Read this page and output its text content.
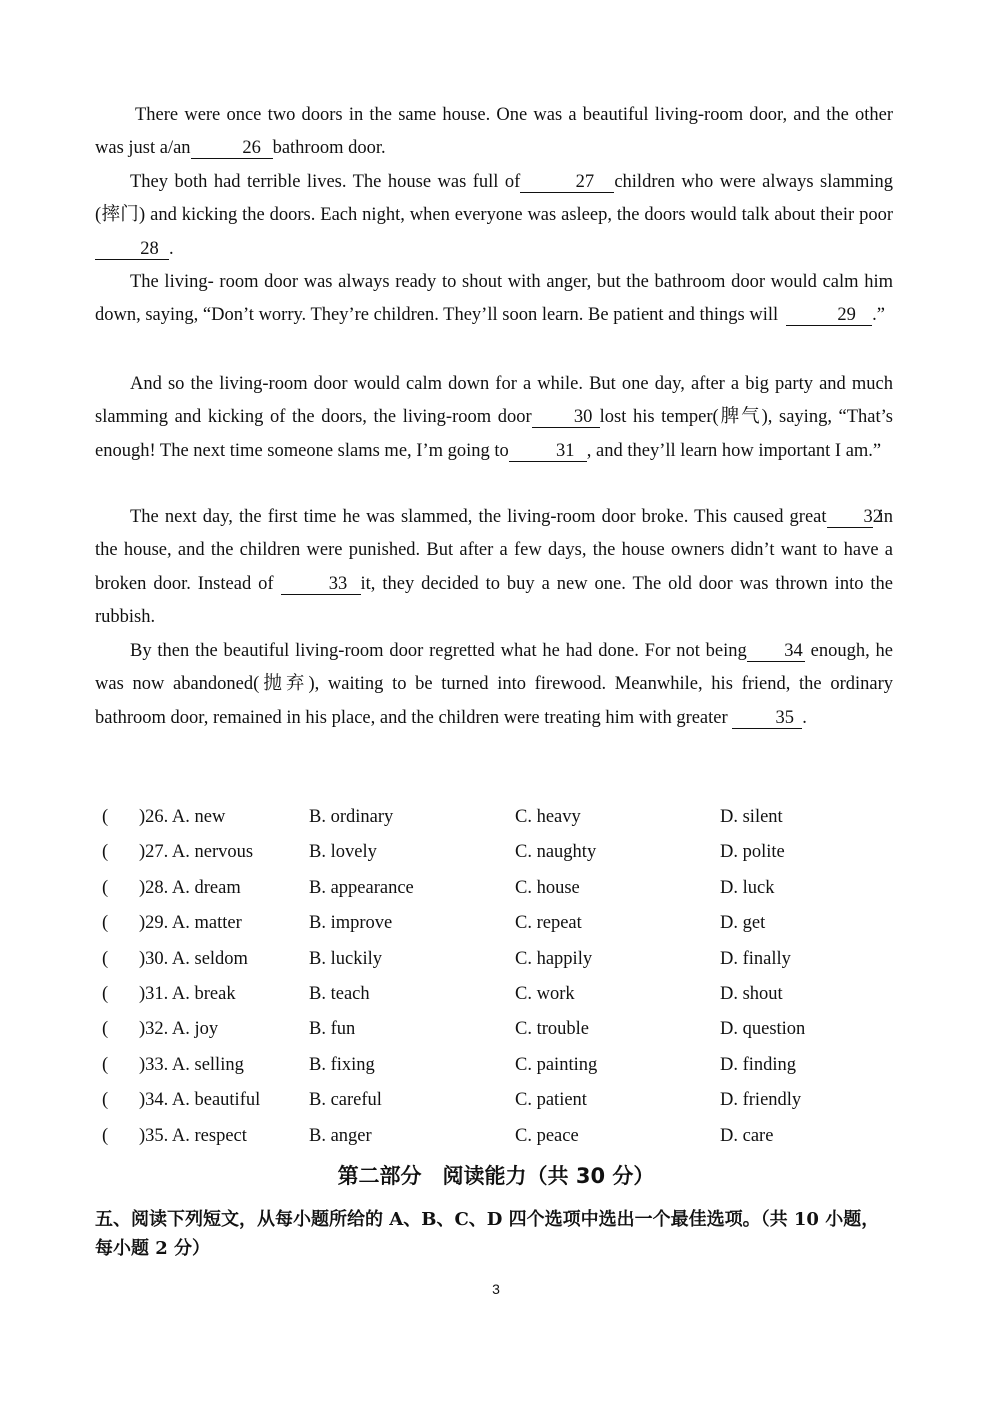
There were once two doors in the same house. One was a beautiful living-room door, and the other was just a/an	26 bathroom door.

They both had terrible lives. The house was full of	27 children who were always slamming (摔门) and kicking the doors. Each night, when everyone was asleep, the doors would talk about their poor28 .

The living- room door was always ready to shout with anger, but the bathroom door would calm him down, saying, “Don’t worry. They’re children. They’ll soon learn. Be patient and things will	29 .”

And so the living-room door would calm down for a while. But one day, after a big party and much slamming and kicking of the doors, the living-room door 30 lost his temper(脾气), saying, “That’s enough! The next time someone slams me, I’m going to	31 , and they’ll learn how important I am.”

The next day, the first time he was slammed, the living-room door broke. This caused great 32 in the house, and the children were punished. But after a few days, the house owners didn’t want to have a broken door. Instead of	33 it, they decided to buy a new one. The old door was thrown into the rubbish.

By then the beautiful living-room door regretted what he had done. For not being 34 enough, he was now abandoned(抛弃), waiting to be turned into firewood. Meanwhile, his friend, the ordinary bathroom door, remained in his place, and the children were treating him with greater	35 .

( )26. A. new	B. ordinary	C. heavy	D. silent
( )27. A. nervous	B. lovely	C. naughty	D. polite
( )28. A. dream	B. appearance	C. house	D. luck
( )29. A. matter	B. improve	C. repeat	D. get
( )30. A. seldom	B. luckily	C. happily	D. finally
( )31. A. break	B. teach	C. work	D. shout
( )32. A. joy	B. fun	C. trouble	D. question
( )33. A. selling	B. fixing	C. painting	D. finding
( )34. A. beautiful	B. careful	C. patient	D. friendly
( )35. A. respect	B. anger	C. peace	D. care
第二部分　阅读能力（共 30 分）

五、阅读下列短文，从每小题所给的 A、B、C、D 四个选项中选出一个最佳选项。（共 10 小题，每小题 2 分）

3
